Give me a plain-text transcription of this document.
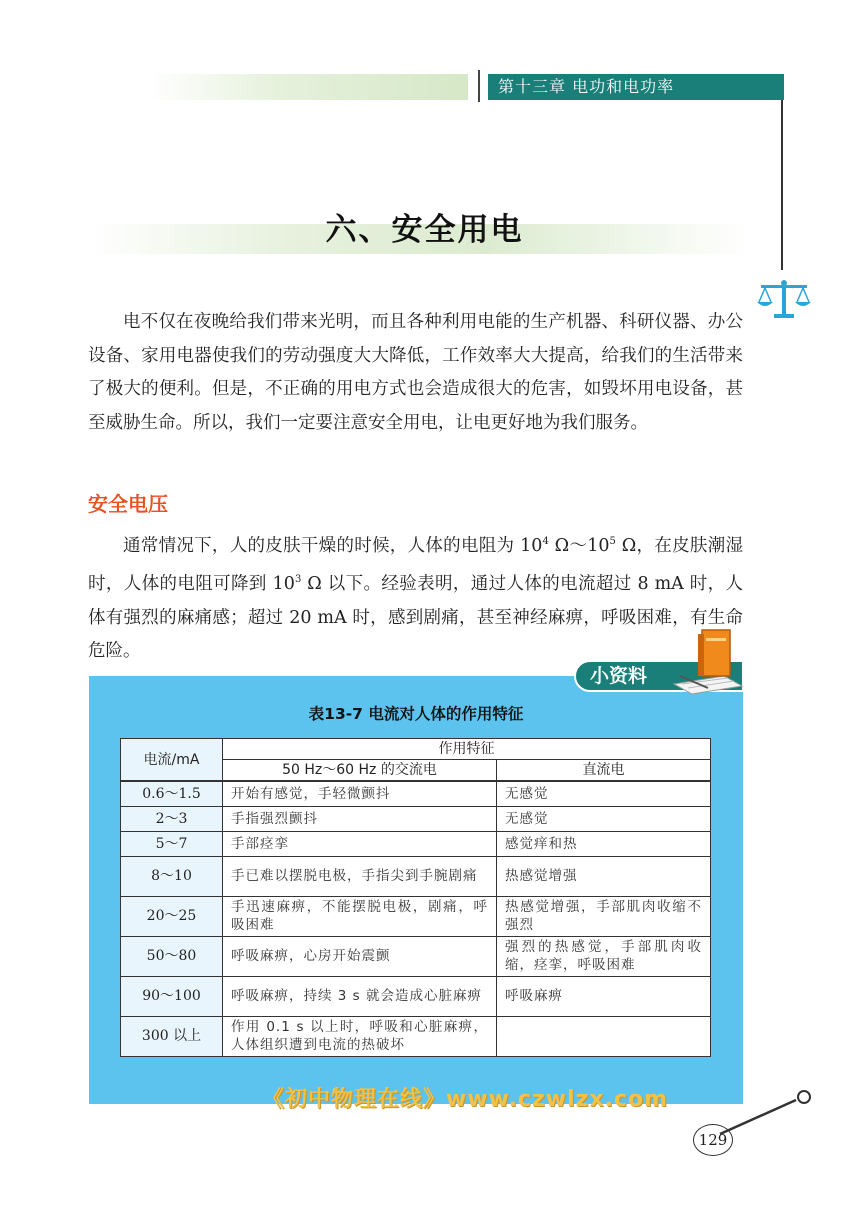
第十三章 电功和电功率
六、安全用电

电不仅在夜晚给我们带来光明，而且各种利用电能的生产机器、科研仪器、办公设备、家用电器使我们的劳动强度大大降低，工作效率大大提高，给我们的生活带来了极大的便利。但是，不正确的用电方式也会造成很大的危害，如毁坏用电设备，甚至威胁生命。所以，我们一定要注意安全用电，让电更好地为我们服务。

安全电压

通常情况下，人的皮肤干燥的时候，人体的电阻为 $10^4$ $\Omega\sim 10^5$ Ω，在皮肤潮湿时，人体的电阻可降到 $10^3$ Ω 以下。经验表明，通过人体的电流超过 8 mA 时，人体有强烈的麻痛感；超过 20 mA 时，感到剧痛，甚至神经麻痹，呼吸困难，有生命危险。

小资料
表13-7 电流对人体的作用特征
电流/mA	作用特征	
	50 Hz～60 Hz 的交流电	直流电
0.6～1.5	开始有感觉，手轻微颤抖	无感觉
2～3	手指强烈颤抖	无感觉
5～7	手部痉挛	感觉痒和热
8～10	手已难以摆脱电极，手指尖到手腕剧痛	热感觉增强
20～25	手迅速麻痹，不能摆脱电极，剧痛，呼吸困难	热感觉增强，手部肌肉收缩不强烈
50～80	呼吸麻痹，心房开始震颤	强烈的热感觉，手部肌肉收缩，痉挛，呼吸困难
90～100	呼吸麻痹，持续 3 s 就会造成心脏麻痹	呼吸麻痹
300 以上	作用 0.1 s 以上时，呼吸和心脏麻痹，人体组织遭到电流的热破坏	
《初中物理在线》www.czwlzx.com
129
